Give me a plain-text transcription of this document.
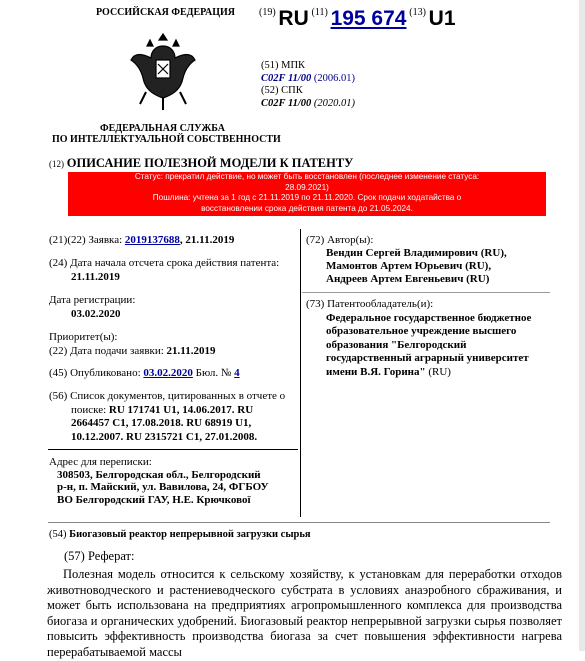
РОССИЙСКАЯ ФЕДЕРАЦИЯ
ФЕДЕРАЛЬНАЯ СЛУЖБА
ПО ИНТЕЛЛЕКТУАЛЬНОЙ СОБСТВЕННОСТИ
(19) RU (11) 195 674 (13) U1
(51) МПК
C02F 11/00 (2006.01)
(52) СПК
C02F 11/00 (2020.01)
(12) ОПИСАНИЕ ПОЛЕЗНОЙ МОДЕЛИ К ПАТЕНТУ
Статус: прекратил действие, но может быть восстановлен (последнее изменение статуса:
28.09.2021)
Пошлина: учтена за 1 год с 21.11.2019 по 21.11.2020. Срок подачи ходатайства о
восстановлении срока действия патента до 21.05.2024.
(21)(22) Заявка: 2019137688, 21.11.2019
(24) Дата начала отсчета срока действия патента:
21.11.2019
Дата регистрации:
03.02.2020
Приоритет(ы):
(22) Дата подачи заявки: 21.11.2019
(45) Опубликовано: 03.02.2020 Бюл. № 4
(56) Список документов, цитированных в отчете о
поиске: RU 171741 U1, 14.06.2017. RU
2664457 C1, 17.08.2018. RU 68919 U1,
10.12.2007. RU 2315721 C1, 27.01.2008.
Адрес для переписки:
308503, Белгородская обл., Белгородский
р-н, п. Майский, ул. Вавилова, 24, ФГБОУ
ВО Белгородский ГАУ, Н.Е. Крючкової
(72) Автор(ы):
Вендин Сергей Владимирович (RU),
Мамонтов Артем Юрьевич (RU),
Андреев Артем Евгеньевич (RU)
(73) Патентообладатель(и):
Федеральное государственное бюджетное
образовательное учреждение высшего
образования "Белгородский
государственный аграрный университет
имени В.Я. Горина" (RU)
(54) Биогазовый реактор непрерывной загрузки сырья
(57) Реферат:
Полезная модель относится к сельскому хозяйству, к установкам для переработки отходов животноводческого и растениеводческого субстрата в условиях анаэробного сбраживания, и может быть использована на предприятиях агропромышленного комплекса для производства биогаза и органических удобрений. Биогазовый реактор непрерывной загрузки сырья позволяет повысить эффективность производства биогаза за счет повышения эффективности нагрева перерабатываемой массы
